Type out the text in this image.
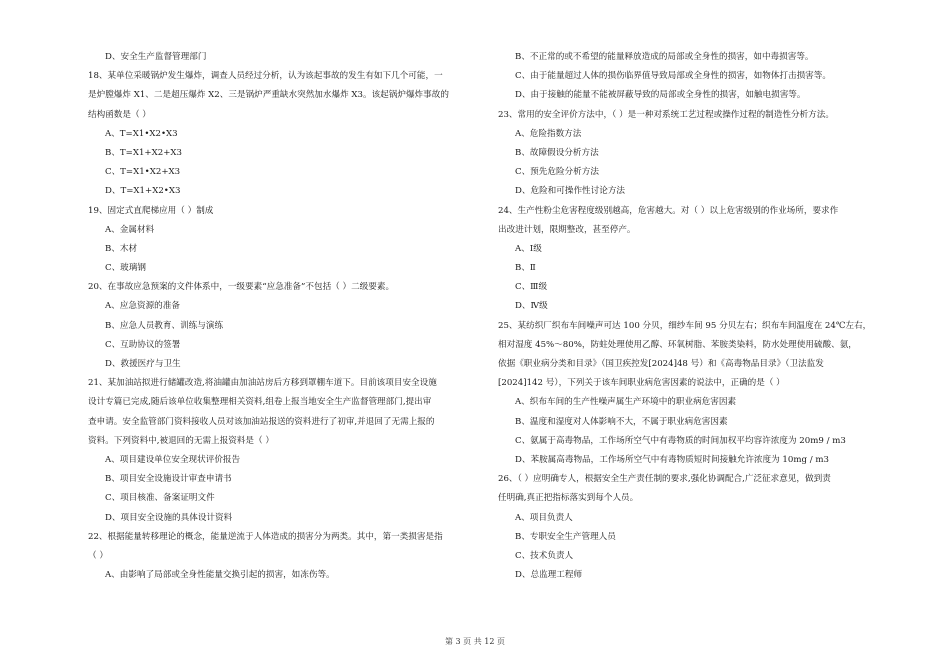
D、安全生产监督管理部门
18、某单位采暖锅炉发生爆炸，调查人员经过分析，认为该起事故的发生有如下几个可能，一
是炉膛爆炸 X1、二是超压爆炸 X2、三是锅炉严重缺水突然加水爆炸 X3。该起锅炉爆炸事故的
结构函数是（ ）
A、T=X1•X2•X3
B、T=X1+X2+X3
C、T=X1•X2+X3
D、T=X1+X2•X3
19、固定式直爬梯应用（ ）制成
A、金属材料
B、木材
C、玻璃钢
20、在事故应急预案的文件体系中，一级要素“应急准备”不包括（ ）二级要素。
A、应急资源的准备
B、应急人员教育、训练与演练
C、互助协议的签署
D、救援医疗与卫生
21、某加油站拟进行储罐改造,将油罐由加油站房后方移到罩棚车道下。目前该项目安全设施
设计专篇已完成,随后该单位收集整理相关资料,组卷上报当地安全生产监督管理部门,提出审
查申请。安全监管部门资料接收人员对该加油站报送的资料进行了初审,并退回了无需上报的
资料。下列资料中,被退回的无需上报资料是（ ）
A、项目建设单位安全现状评价报告
B、项目安全设施设计审查申请书
C、项目核准、备案证明文件
D、项目安全设施的具体设计资料
22、根据能量转移理论的概念，能量逆流于人体造成的损害分为两类。其中，第一类损害是指
（ ）
A、由影响了局部或全身性能量交换引起的损害，如冻伤等。
B、不正常的或不希望的能量释放造成的局部或全身性的损害，如中毒损害等。
C、由于能量超过人体的损伤临界值导致局部或全身性的损害，如物体打击损害等。
D、由于接触的能量不能被屏蔽导致的局部或全身性的损害，如触电损害等。
23、常用的安全评价方法中，（ ）是一种对系统工艺过程或操作过程的制造性分析方法。
A、危险指数方法
B、故障假设分析方法
C、预先危险分析方法
D、危险和可操作性讨论方法
24、生产性粉尘危害程度级别越高，危害越大。对（ ）以上危害级别的作业场所，要求作
出改进计划，限期整改，甚至停产。
A、Ⅰ级
B、Ⅱ
C、Ⅲ级
D、Ⅳ级
25、某纺织厂织布车间噪声可达 100 分贝，细纱车间 95 分贝左右；织布车间温度在 24℃左右，
相对湿度 45%～80%，防蛀处理使用乙醇、环氧树脂、苯胺类染料，防水处理使用硫酸、氨，
依据《职业病分类和目录》（国卫疾控发[2024]48 号）和《高毒物品目录》（卫法监发
[2024]142 号），下列关于该车间职业病危害因素的说法中，正确的是（ ）
A、织布车间的生产性噪声属生产环境中的职业病危害因素
B、温度和湿度对人体影响不大，不属于职业病危害因素
C、氨属于高毒物品，工作场所空气中有毒物质的时间加权平均容许浓度为 20m9 / m3
D、苯胺属高毒物品，工作场所空气中有毒物质短时间接触允许浓度为 10mg / m3
26、（ ）应明确专人，根据安全生产责任制的要求,强化协调配合,广泛征求意见，做到责
任明确,真正把指标落实到每个人员。
A、项目负责人
B、专职安全生产管理人员
C、技术负责人
D、总监理工程师
第 3 页 共 12 页
